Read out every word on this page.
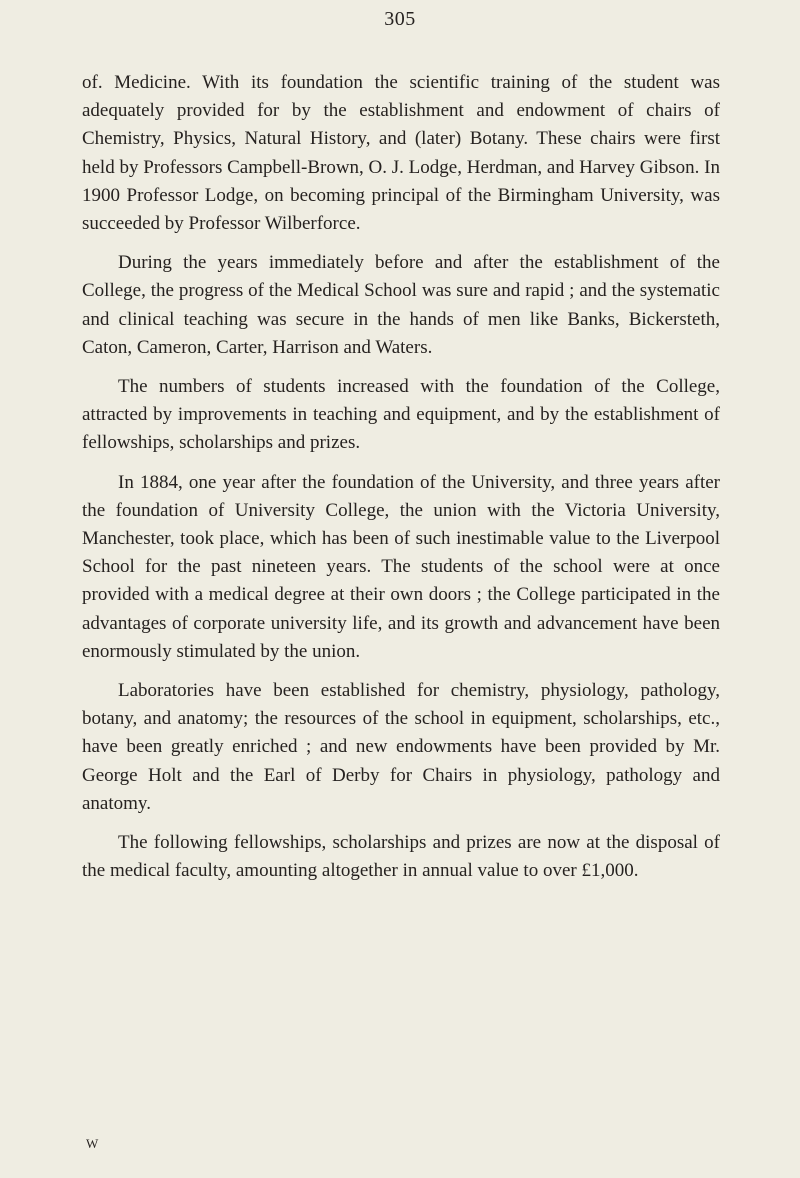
305

of. Medicine. With its foundation the scientific training of the student was adequately provided for by the establishment and endowment of chairs of Chemistry, Physics, Natural History, and (later) Botany. These chairs were first held by Professors Campbell-Brown, O. J. Lodge, Herdman, and Harvey Gibson. In 1900 Professor Lodge, on becoming principal of the Birmingham University, was succeeded by Professor Wilberforce.

During the years immediately before and after the establishment of the College, the progress of the Medical School was sure and rapid ; and the systematic and clinical teaching was secure in the hands of men like Banks, Bickersteth, Caton, Cameron, Carter, Harrison and Waters.

The numbers of students increased with the foundation of the College, attracted by improvements in teaching and equipment, and by the establishment of fellowships, scholarships and prizes.

In 1884, one year after the foundation of the University, and three years after the foundation of University College, the union with the Victoria University, Manchester, took place, which has been of such inestimable value to the Liverpool School for the past nineteen years. The students of the school were at once provided with a medical degree at their own doors ; the College participated in the advantages of corporate university life, and its growth and advancement have been enormously stimulated by the union.

Laboratories have been established for chemistry, physiology, pathology, botany, and anatomy; the resources of the school in equipment, scholarships, etc., have been greatly enriched ; and new endowments have been provided by Mr. George Holt and the Earl of Derby for Chairs in physiology, pathology and anatomy.

The following fellowships, scholarships and prizes are now at the disposal of the medical faculty, amounting altogether in annual value to over £1,000.

W
